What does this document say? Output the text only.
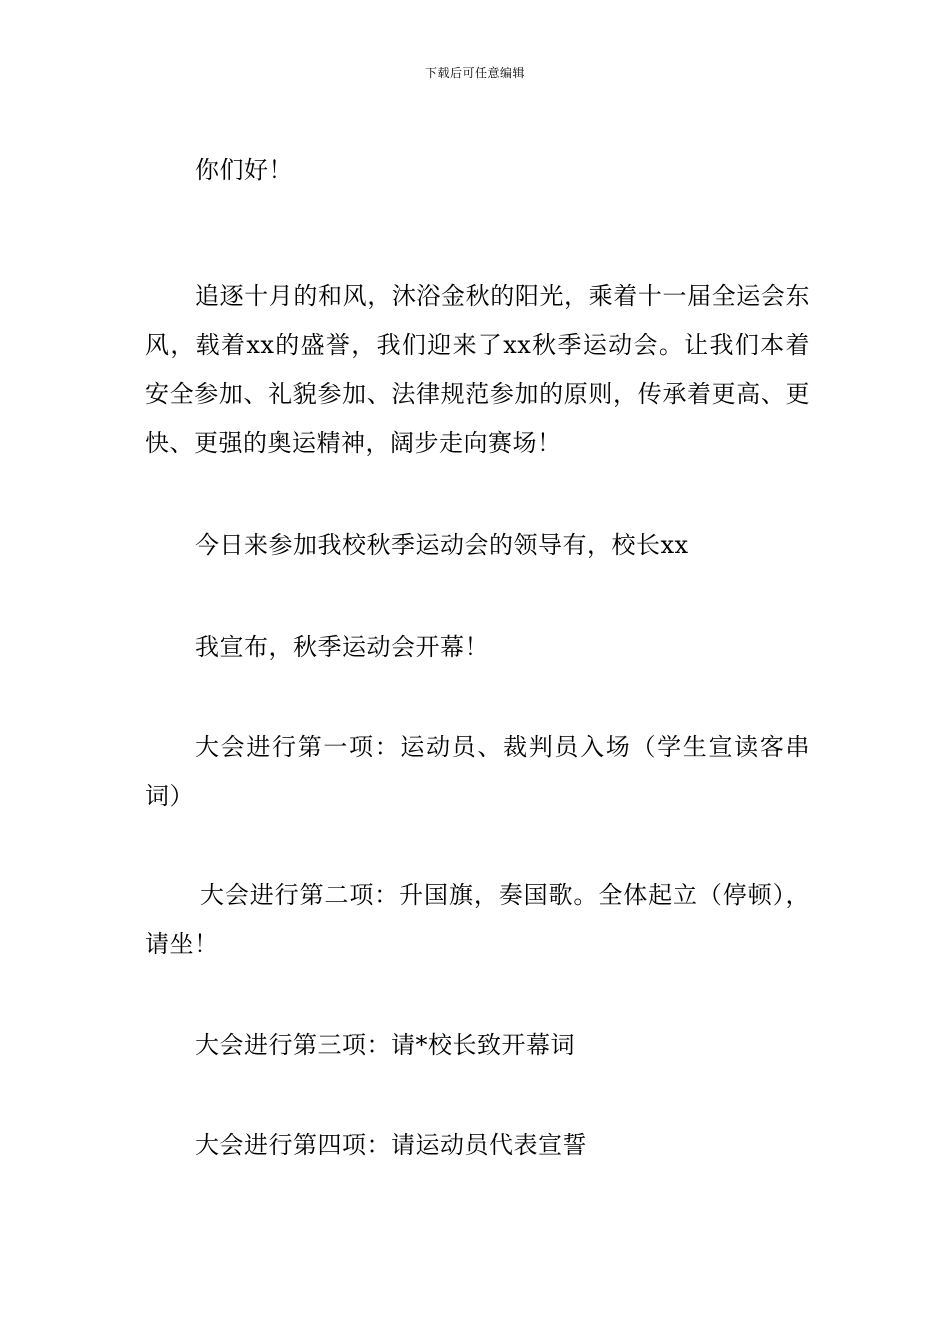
下载后可任意编辑

你们好！

追逐十月的和风，沐浴金秋的阳光，乘着十一届全运会东风，载着xx的盛誉，我们迎来了xx秋季运动会。让我们本着安全参加、礼貌参加、法律规范参加的原则，传承着更高、更快、更强的奥运精神，阔步走向赛场！

今日来参加我校秋季运动会的领导有，校长xx

我宣布，秋季运动会开幕！

大会进行第一项：运动员、裁判员入场（学生宣读客串词）

大会进行第二项：升国旗，奏国歌。全体起立（停顿），请坐！

大会进行第三项：请*校长致开幕词

大会进行第四项：请运动员代表宣誓
